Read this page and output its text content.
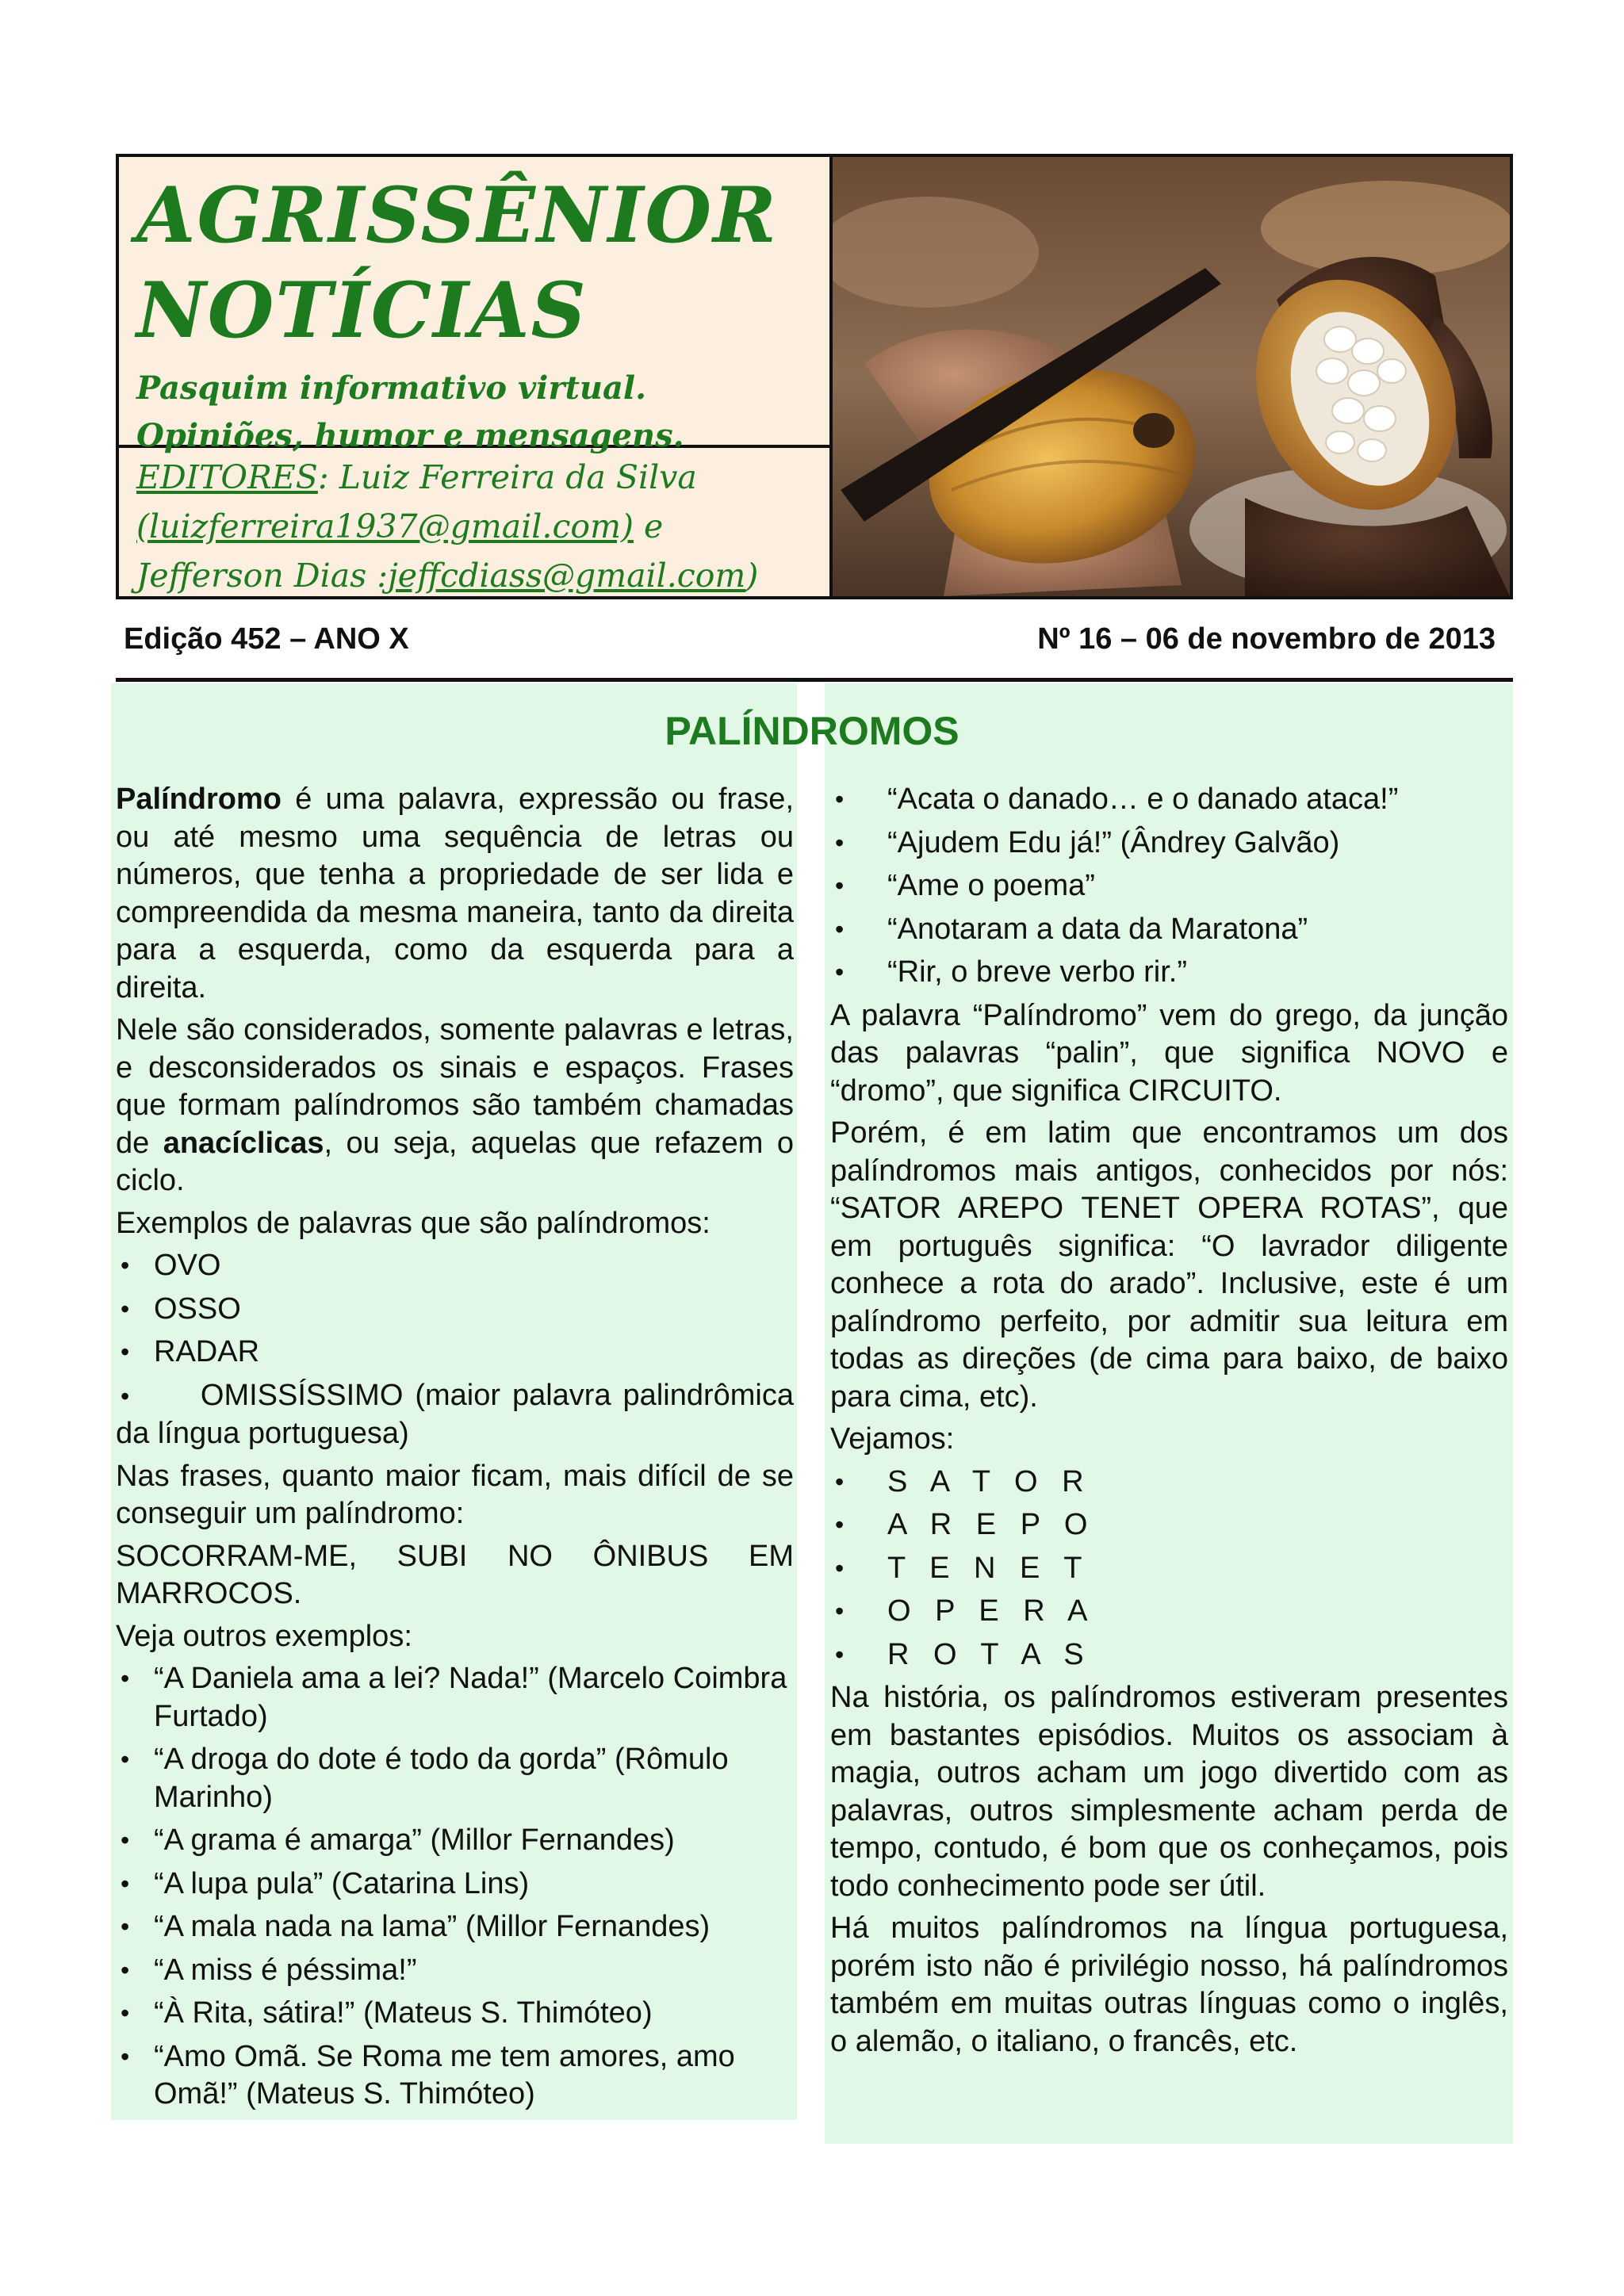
AGRISSÊNIOR
NOTÍCIAS
Pasquim informativo virtual.
Opiniões, humor e mensagens.
EDITORES: Luiz Ferreira da Silva
(luizferreira1937@gmail.com) e
Jefferson Dias :jeffcdiass@gmail.com)
Edição 452 – ANO X	Nº 16 – 06 de novembro de 2013
PALÍNDROMOS

Palíndromo é uma palavra, expressão ou frase, ou até mesmo uma sequência de letras ou números, que tenha a propriedade de ser lida e compreendida da mesma maneira, tanto da direita para a esquerda, como da esquerda para a direita.

Nele são considerados, somente palavras e letras, e desconsiderados os sinais e espaços. Frases que formam palíndromos são também chamadas de anacíclicas, ou seja, aquelas que refazem o ciclo.

Exemplos de palavras que são palíndromos:

• OVO
• OSSO
• RADAR

• OMISSÍSSIMO (maior palavra palindrômica da língua portuguesa)

Nas frases, quanto maior ficam, mais difícil de se conseguir um palíndromo:

SOCORRAM-ME, SUBI NO ÔNIBUS EM MARROCOS.

Veja outros exemplos:

• “A Daniela ama a lei? Nada!” (Marcelo Coimbra Furtado)
• “A droga do dote é todo da gorda” (Rômulo Marinho)
• “A grama é amarga” (Millor Fernandes)
• “A lupa pula” (Catarina Lins)
• “A mala nada na lama” (Millor Fernandes)
• “A miss é péssima!”
• “À Rita, sátira!” (Mateus S. Thimóteo)
• “Amo Omã. Se Roma me tem amores, amo Omã!” (Mateus S. Thimóteo)
• “Acata o danado… e o danado ataca!”
• “Ajudem Edu já!” (Ândrey Galvão)
• “Ame o poema”
• “Anotaram a data da Maratona”
• “Rir, o breve verbo rir.”

A palavra “Palíndromo” vem do grego, da junção das palavras “palin”, que significa NOVO e “dromo”, que significa CIRCUITO.

Porém, é em latim que encontramos um dos palíndromos mais antigos, conhecidos por nós: “SATOR AREPO TENET OPERA ROTAS”, que em português significa: “O lavrador diligente conhece a rota do arado”. Inclusive, este é um palíndromo perfeito, por admitir sua leitura em todas as direções (de cima para baixo, de baixo para cima, etc).

Vejamos:

• S A T O R
• A R E P O
• T E N E T
• O P E R A
• R O T A S

Na história, os palíndromos estiveram presentes em bastantes episódios. Muitos os associam à magia, outros acham um jogo divertido com as palavras, outros simplesmente acham perda de tempo, contudo, é bom que os conheçamos, pois todo conhecimento pode ser útil.

Há muitos palíndromos na língua portuguesa, porém isto não é privilégio nosso, há palíndromos também em muitas outras línguas como o inglês, o alemão, o italiano, o francês, etc.
